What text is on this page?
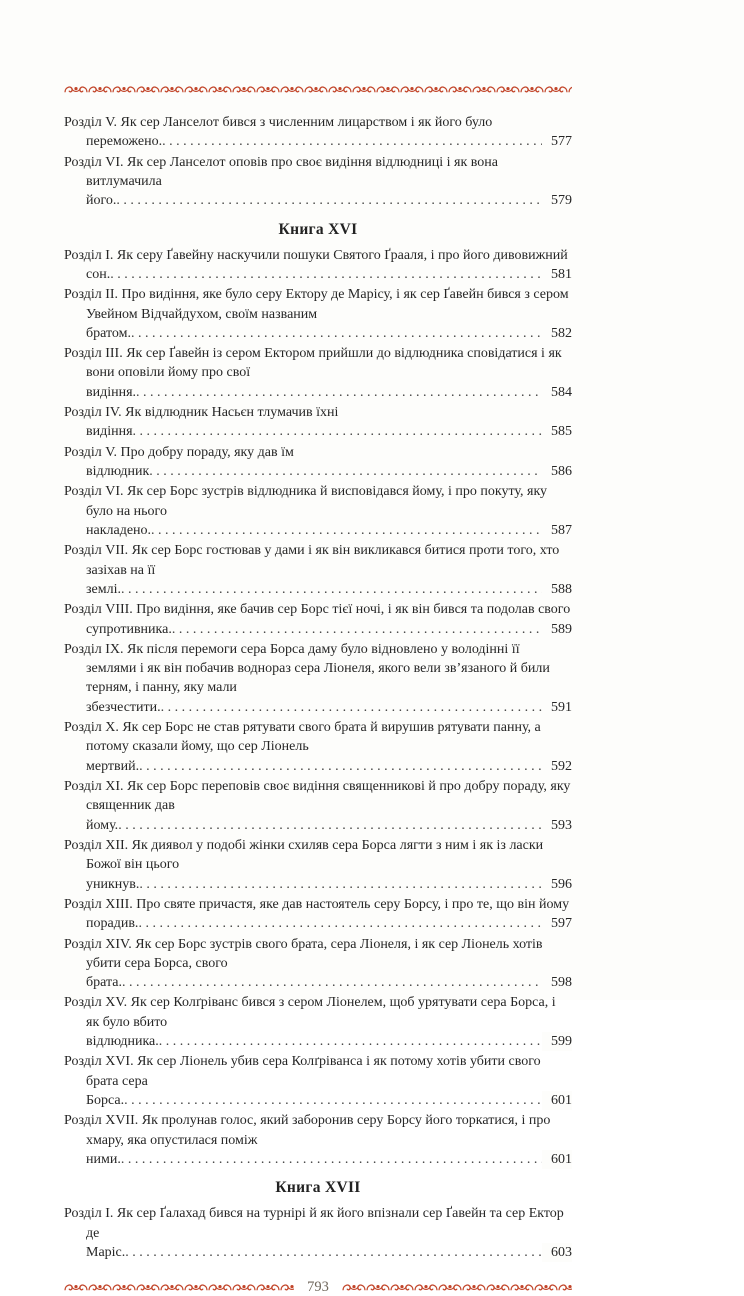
Розділ V. Як сер Ланселот бився з численним лицарством і як його було переможено. .....	577

Розділ VI. Як сер Ланселот оповів про своє видіння відлюдниці і як вона витлумачила його. .....	579

Книга XVI

Розділ I. Як серу Ґавейну наскучили пошуки Святого Ґрааля, і про його дивовижний сон. .....	581

Розділ II. Про видіння, яке було серу Ектору де Марісу, і як сер Ґавейн бився з сером Увейном Відчайдухом, своїм названим братом. .....	582

Розділ III. Як сер Ґавейн із сером Ектором прийшли до відлюдника сповідатися і як вони оповіли йому про свої видіння. .....	584

Розділ IV. Як відлюдник Насьєн тлумачив їхні видіння .....	585

Розділ V. Про добру пораду, яку дав їм відлюдник .....	586

Розділ VI. Як сер Борс зустрів відлюдника й висповідався йому, і про покуту, яку було на нього накладено. .....	587

Розділ VII. Як сер Борс гостював у дами і як він викликався битися проти того, хто зазіхав на її землі. .....	588

Розділ VIII. Про видіння, яке бачив сер Борс тієї ночі, і як він бився та подолав свого супротивника. .....	589

Розділ IX. Як після перемоги сера Борса даму було відновлено у володінні її землями і як він побачив воднораз сера Ліонеля, якого вели зв’язаного й били терням, і панну, яку мали збезчестити. .....	591

Розділ X. Як сер Борс не став рятувати свого брата й вирушив рятувати панну, а потому сказали йому, що сер Ліонель мертвий. .....	592

Розділ XI. Як сер Борс переповів своє видіння священникові й про добру пораду, яку священник дав йому. .....	593

Розділ XII. Як диявол у подобі жінки схиляв сера Борса лягти з ним і як із ласки Божої він цього уникнув. .....	596

Розділ XIII. Про святе причастя, яке дав настоятель серу Борсу, і про те, що він йому порадив. .....	597

Розділ XIV. Як сер Борс зустрів свого брата, сера Ліонеля, і як сер Ліонель хотів убити сера Борса, свого брата. .....	598

Розділ XV. Як сер Колґріванс бився з сером Ліонелем, щоб урятувати сера Борса, і як було вбито відлюдника. .....	599

Розділ XVI. Як сер Ліонель убив сера Колґріванса і як потому хотів убити свого брата сера Борса. .....	601

Розділ XVII. Як пролунав голос, який заборонив серу Борсу його торкатися, і про хмару, яка опустилася поміж ними. .....	601

Книга XVII

Розділ I. Як сер Ґалахад бився на турнірі й як його впізнали сер Ґавейн та сер Ектор де Маріс. .....	603

793
